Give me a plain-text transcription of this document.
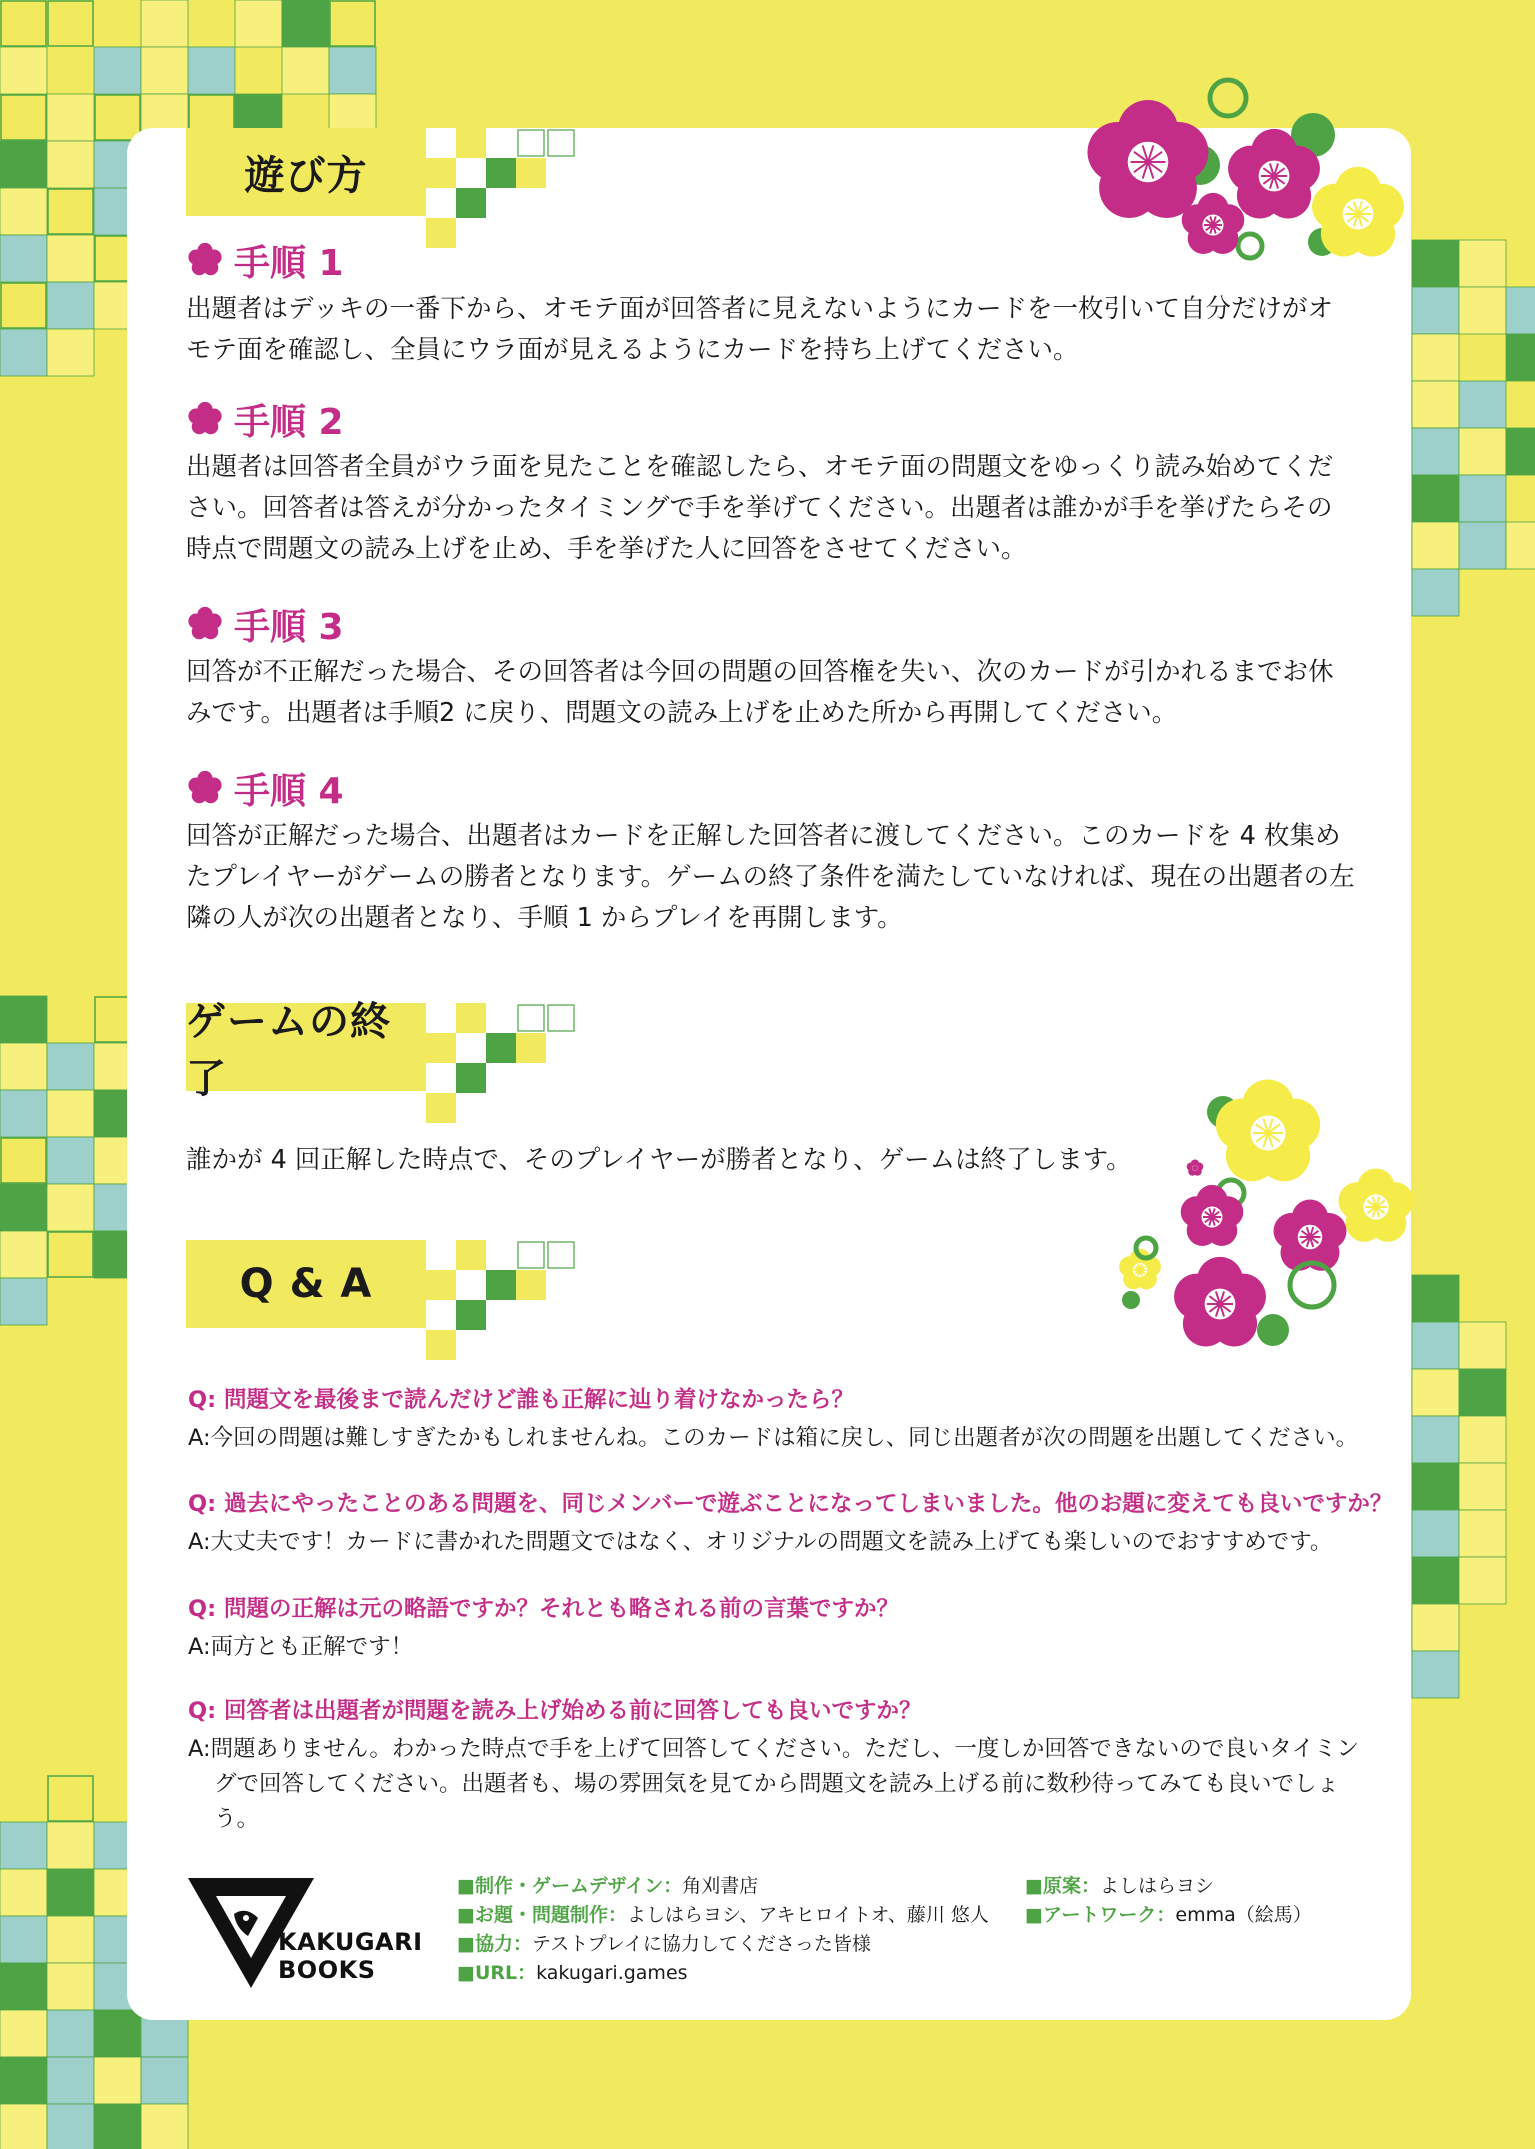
遊び方
手順 1

出題者はデッキの一番下から、オモテ面が回答者に見えないようにカードを一枚引いて自分だけがオモテ面を確認し、全員にウラ面が見えるようにカードを持ち上げてください。

手順 2

出題者は回答者全員がウラ面を見たことを確認したら、オモテ面の問題文をゆっくり読み始めてください。回答者は答えが分かったタイミングで手を挙げてください。出題者は誰かが手を挙げたらその時点で問題文の読み上げを止め、手を挙げた人に回答をさせてください。

手順 3

回答が不正解だった場合、その回答者は今回の問題の回答権を失い、次のカードが引かれるまでお休みです。出題者は手順2 に戻り、問題文の読み上げを止めた所から再開してください。

手順 4

回答が正解だった場合、出題者はカードを正解した回答者に渡してください。このカードを 4 枚集めたプレイヤーがゲームの勝者となります。ゲームの終了条件を満たしていなければ、現在の出題者の左隣の人が次の出題者となり、手順 1 からプレイを再開します。

ゲームの終了

誰かが 4 回正解した時点で、そのプレイヤーが勝者となり、ゲームは終了します。

Q & A

Q: 問題文を最後まで読んだけど誰も正解に辿り着けなかったら？

A:今回の問題は難しすぎたかもしれませんね。このカードは箱に戻し、同じ出題者が次の問題を出題してください。

Q: 過去にやったことのある問題を、同じメンバーで遊ぶことになってしまいました。他のお題に変えても良いですか？

A:大丈夫です！カードに書かれた問題文ではなく、オリジナルの問題文を読み上げても楽しいのでおすすめです。

Q: 問題の正解は元の略語ですか？それとも略される前の言葉ですか？

A:両方とも正解です！

Q: 回答者は出題者が問題を読み上げ始める前に回答しても良いですか？

A:問題ありません。わかった時点で手を上げて回答してください。ただし、一度しか回答できないので良いタイミングで回答してください。出題者も、場の雰囲気を見てから問題文を読み上げる前に数秒待ってみても良いでしょう。

KAKUGARI
BOOKS
■制作・ゲームデザイン：角刈書店
■お題・問題制作：よしはらヨシ、アキヒロイトオ、藤川 悠人
■協力：テストプレイに協力してくださった皆様
■URL：kakugari.games
■原案：よしはらヨシ
■アートワーク：emma（絵馬）
